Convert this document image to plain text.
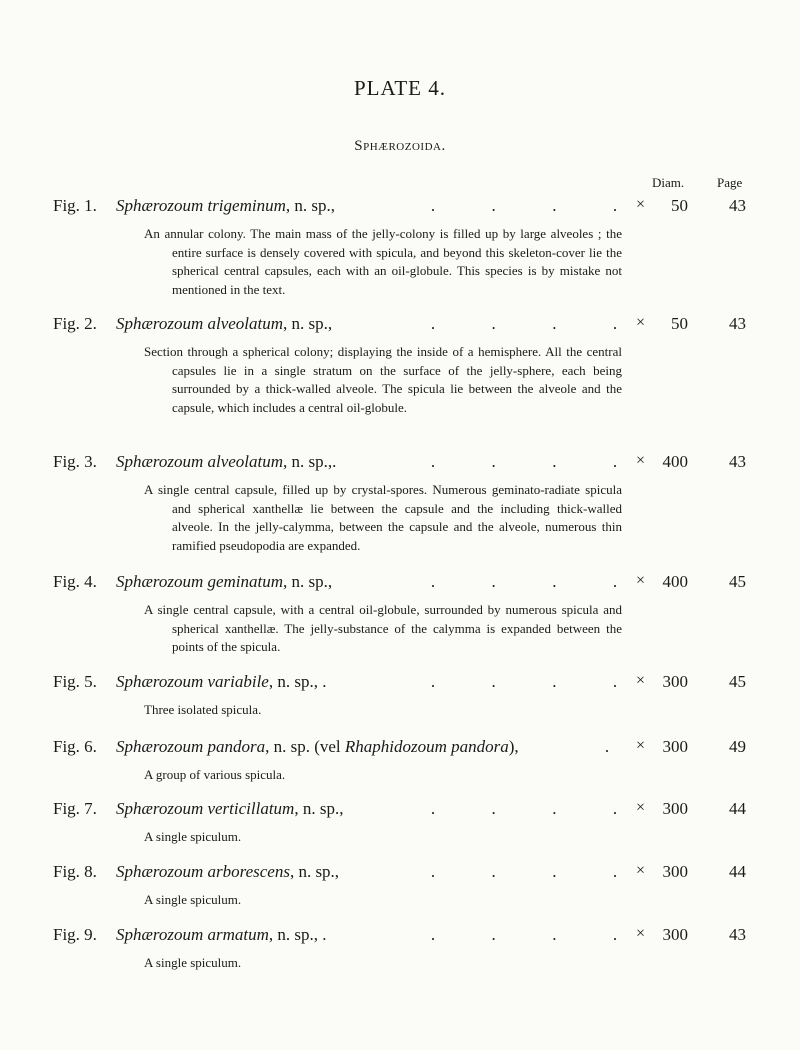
PLATE 4.
Sphærozoida.
Diam.	Page
Fig. 1. Sphærozoum trigeminum, n. sp.,	.	.	.	. ×	50	43
An annular colony. The main mass of the jelly-colony is filled up by large alveoles ; the entire surface is densely covered with spicula, and beyond this skeleton-cover lie the spherical central capsules, each with an oil-globule. This species is by mistake not mentioned in the text.
Fig. 2. Sphærozoum alveolatum, n. sp.,	.	.	.	. ×	50	43
Section through a spherical colony; displaying the inside of a hemisphere. All the central capsules lie in a single stratum on the surface of the jelly-sphere, each being surrounded by a thick-walled alveole. The spicula lie between the alveole and the capsule, which includes a central oil-globule.
Fig. 3. Sphærozoum alveolatum, n. sp.,.	.	.	.	. ×	400	43
A single central capsule, filled up by crystal-spores. Numerous geminato-radiate spicula and spherical xanthellæ lie between the capsule and the including thick-walled alveole. In the jelly-calymma, between the capsule and the alveole, numerous thin ramified pseudopodia are expanded.
Fig. 4. Sphærozoum geminatum, n. sp.,	.	.	.	. ×	400	45
A single central capsule, with a central oil-globule, surrounded by numerous spicula and spherical xanthellæ. The jelly-substance of the calymma is expanded between the points of the spicula.
Fig. 5. Sphærozoum variabile, n. sp., .	.	.	.	. ×	300	45
Three isolated spicula.
Fig. 6. Sphærozoum pandora, n. sp. (vel Rhaphidozoum pandora),	. ×	300	49
A group of various spicula.
Fig. 7. Sphærozoum verticillatum, n. sp.,	.	.	.	. ×	300	44
A single spiculum.
Fig. 8. Sphærozoum arborescens, n. sp.,	.	.	.	. ×	300	44
A single spiculum.
Fig. 9. Sphærozoum armatum, n. sp., .	.	.	.	. ×	300	43
A single spiculum.
